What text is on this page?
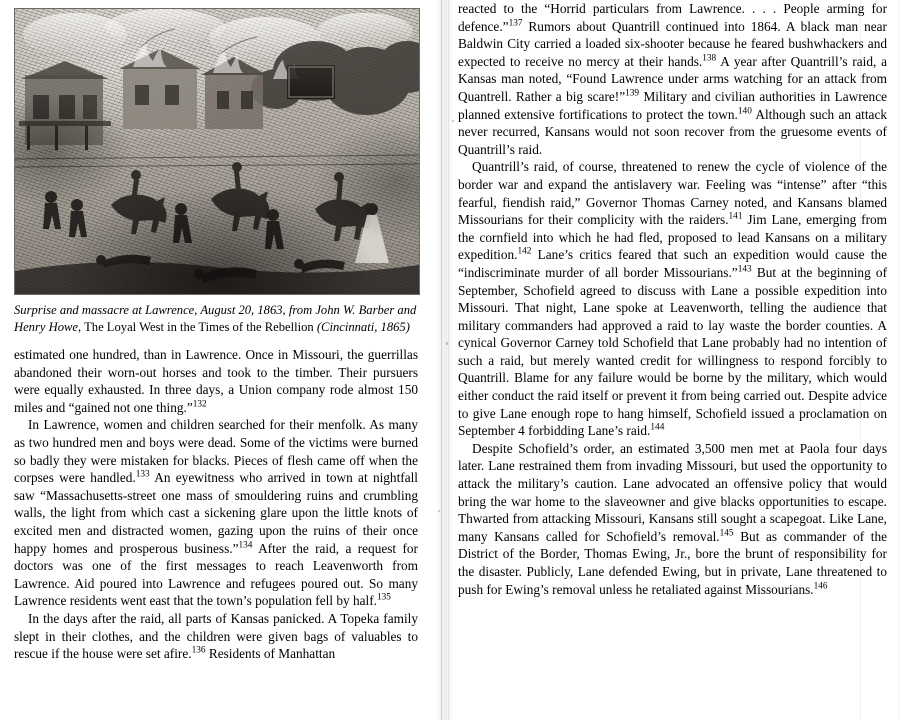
Surprise and massacre at Lawrence, August 20, 1863, from John W. Barber and Henry Howe, The Loyal West in the Times of the Rebellion (Cincinnati, 1865)

estimated one hundred, than in Lawrence. Once in Missouri, the guerrillas abandoned their worn-out horses and took to the timber. Their pursuers were equally exhausted. In three days, a Union company rode almost 150 miles and “gained not one thing.”$^{132}$

In Lawrence, women and children searched for their menfolk. As many as two hundred men and boys were dead. Some of the victims were burned so badly they were mistaken for blacks. Pieces of flesh came off when the corpses were handled.$^{133}$ An eyewitness who arrived in town at nightfall saw “Massachusetts-street one mass of smouldering ruins and crumbling walls, the light from which cast a sickening glare upon the little knots of excited men and distracted women, gazing upon the ruins of their once happy homes and prosperous business.”$^{134}$ After the raid, a request for doctors was one of the first messages to reach Leavenworth from Lawrence. Aid poured into Lawrence and refugees poured out. So many Lawrence residents went east that the town’s population fell by half.$^{135}$

In the days after the raid, all parts of Kansas panicked. A Topeka family slept in their clothes, and the children were given bags of valuables to rescue if the house were set afire.$^{136}$ Residents of Manhattan

reacted to the “Horrid particulars from Lawrence. . . . People arming for defence.”$^{137}$ Rumors about Quantrill continued into 1864. A black man near Baldwin City carried a loaded six-shooter because he feared bushwhackers and expected to receive no mercy at their hands.$^{138}$ A year after Quantrill’s raid, a Kansas man noted, “Found Lawrence under arms watching for an attack from Quantrell. Rather a big scare!”$^{139}$ Military and civilian authorities in Lawrence planned extensive fortifications to protect the town.$^{140}$ Although such an attack never recurred, Kansans would not soon recover from the gruesome events of Quantrill’s raid.

Quantrill’s raid, of course, threatened to renew the cycle of violence of the border war and expand the antislavery war. Feeling was “intense” after “this fearful, fiendish raid,” Governor Thomas Carney noted, and Kansans blamed Missourians for their complicity with the raiders.$^{141}$ Jim Lane, emerging from the cornfield into which he had fled, proposed to lead Kansans on a military expedition.$^{142}$ Lane’s critics feared that such an expedition would cause the “indiscriminate murder of all border Missourians.”$^{143}$ But at the beginning of September, Schofield agreed to discuss with Lane a possible expedition into Missouri. That night, Lane spoke at Leavenworth, telling the audience that military commanders had approved a raid to lay waste the border counties. A cynical Governor Carney told Schofield that Lane probably had no intention of such a raid, but merely wanted credit for willingness to respond forcibly to Quantrill. Blame for any failure would be borne by the military, which would either conduct the raid itself or prevent it from being carried out. Despite advice to give Lane enough rope to hang himself, Schofield issued a proclamation on September 4 forbidding Lane’s raid.$^{144}$

Despite Schofield’s order, an estimated 3,500 men met at Paola four days later. Lane restrained them from invading Missouri, but used the opportunity to attack the military’s caution. Lane advocated an offensive policy that would bring the war home to the slaveowner and give blacks opportunities to escape. Thwarted from attacking Missouri, Kansans still sought a scapegoat. Like Lane, many Kansans called for Schofield’s removal.$^{145}$ But as commander of the District of the Border, Thomas Ewing, Jr., bore the brunt of responsibility for the disaster. Publicly, Lane defended Ewing, but in private, Lane threatened to push for Ewing’s removal unless he retaliated against Missourians.$^{146}$
